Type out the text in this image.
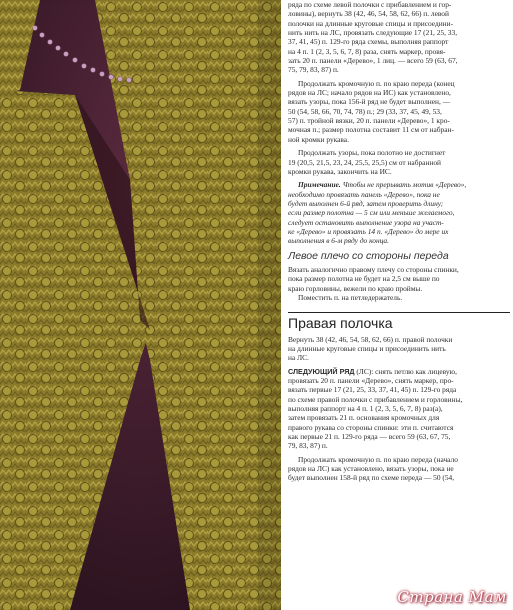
ряда по схеме левой полочки с прибавлением и гор-
ловины), вернуть 38 (42, 46, 54, 58, 62, 66) п. левой
полочки на длинные круговые спицы и присоедини-
нить нить на ЛС, провязать следующие 17 (21, 25, 33,
37, 41, 45) п. 129-го ряда схемы, выполняя раппорт
на 4 п. 1 (2, 3, 5, 6, 7, 8) раза, снять маркер, провя-
зать 20 п. панели «Дерево», 1 лиц. — всего 59 (63, 67,
75, 79, 83, 87) п.

Продолжать кромочную п. по краю переда (конец
рядов на ЛС; начало рядов на ИС) как установлено,
вязать узоры, пока 156-й ряд не будет выполнен, —
50 (54, 58, 66, 70, 74, 78) п.; 29 (33, 37, 45, 49, 53,
57) п. тройной вязки, 20 п. панели «Дерево», 1 кро-
мочная п.; размер полотна составит 11 см от набран-
ной кромки рукава.

Продолжать узоры, пока полотно не достигнет
19 (20,5, 21,5, 23, 24, 25,5, 25,5) см от набранной
кромки рукава, закончить на ИС.

Примечание. Чтобы не прерывать мотив «Дерево»,
необходимо провязать панель «Дерево», пока не
будет выполнен 6-й ряд, затем проверить длину;
если размер полотна — 5 см или меньше желаемого,
следует остановить выполнение узора на участ-
ке «Дерево» и провязать 14 п. «Дерево» до мере их
выполнения в 6-м ряду до конца.

Левое плечо со стороны переда

Вязать аналогично правому плечу со стороны спинки,
пока размер полотна не будет на 2,5 см выше по
краю горловины, вежели по краю проймы.
Поместить п. на петледержатель.

Правая полочка

Вернуть 38 (42, 46, 54, 58, 62, 66) п. правой полочки
на длинные круговые спицы и присоединить нить
на ЛС.

СЛЕДУЮЩИЙ РЯД (ЛС): снять петлю как лицевую,
провязать 20 п. панели «Дерево», снять маркер, про-
вязать первые 17 (21, 25, 33, 37, 41, 45) п. 129-го ряда
по схеме правой полочки с прибавлением и горловины,
выполняя раппорт на 4 п. 1 (2, 3, 5, 6, 7, 8) раз(а),
затем провязать 21 п. основания кромочных для
правого рукава со стороны спинки: эти п. считаются
как первые 21 п. 129-го ряда — всего 59 (63, 67, 75,
79, 83, 87) п.

Продолжать кромочную п. по краю переда (начало
рядов на ЛС) как установлено, вязать узоры, пока не
будет выполнен 158-й ряд по схеме переда — 50 (54,

Страна Мам
